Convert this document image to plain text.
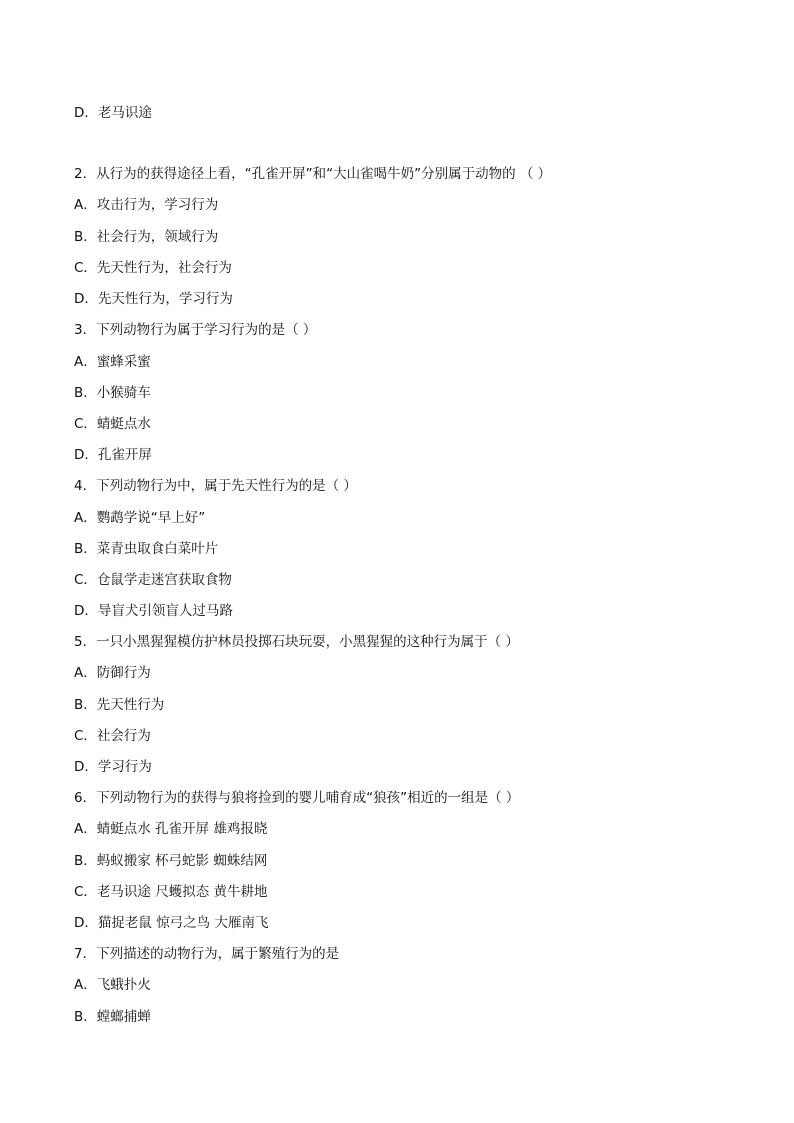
D．老马识途
2．从行为的获得途径上看，“孔雀开屏”和“大山雀喝牛奶”分别属于动物的 （ ）
A．攻击行为，学习行为
B．社会行为，领域行为
C．先天性行为，社会行为
D．先天性行为，学习行为
3．下列动物行为属于学习行为的是（ ）
A．蜜蜂采蜜
B．小猴骑车
C．蜻蜓点水
D．孔雀开屏
4．下列动物行为中，属于先天性行为的是（ ）
A．鹦鹉学说“早上好”
B．菜青虫取食白菜叶片
C．仓鼠学走迷宫获取食物
D．导盲犬引领盲人过马路
5．一只小黑猩猩模仿护林员投掷石块玩耍，小黑猩猩的这种行为属于（ ）
A．防御行为
B．先天性行为
C．社会行为
D．学习行为
6．下列动物行为的获得与狼将捡到的婴儿哺育成“狼孩”相近的一组是（ ）
A．蜻蜓点水 孔雀开屏 雄鸡报晓
B．蚂蚁搬家 杯弓蛇影 蜘蛛结网
C．老马识途 尺蠖拟态 黄牛耕地
D．猫捉老鼠 惊弓之鸟 大雁南飞
7．下列描述的动物行为，属于繁殖行为的是
A．飞蛾扑火
B．螳螂捕蝉
